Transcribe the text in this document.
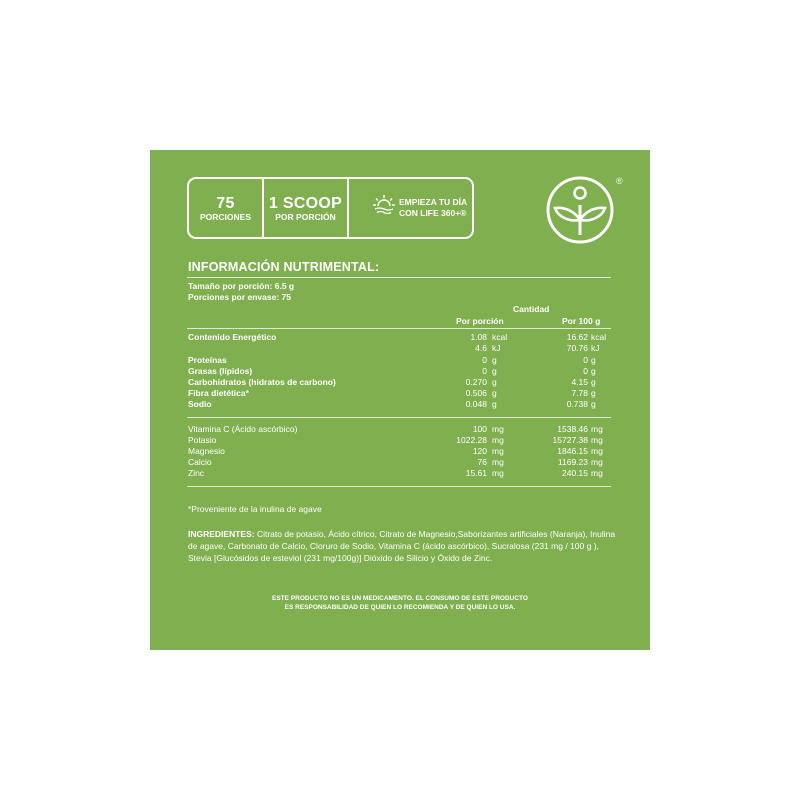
75
PORCIONES
1 SCOOP
POR PORCIÓN
EMPIEZA TU DÍA
CON LIFE 360+®
®
INFORMACIÓN NUTRIMENTAL:
Tamaño por porción: 6.5 g
Porciones por envase: 75
Cantidad
Por porción	Por 100 g
Contenido Energético	1.08 kcal	16.62 kcal
4.6 kJ	70.76 kJ
Proteínas	0 g	0 g
Grasas (lípidos)	0 g	0 g
Carbohidratos (hidratos de carbono)	0.270 g	4.15 g
Fibra dietética*	0.506 g	7.78 g
Sodio	0.048 g	0.738 g
Vitamina C (Ácido ascórbico)	100 mg	1538.46 mg
Potasio	1022.28 mg	15727.38 mg
Magnesio	120 mg	1846.15 mg
Calcio	76 mg	1169.23 mg
Zinc	15.61 mg	240.15 mg
*Proveniente de la inulina de agave
INGREDIENTES: Citrato de potasio, Ácido cítrico, Citrato de Magnesio,Saborizantes artificiales (Naranja), Inulina de agave, Carbonato de Calcio, Cloruro de Sodio, Vitamina C (ácido ascórbico), Sucralosa (231 mg / 100 g ), Stevia [Glucósidos de esteviol (231 mg/100g)] Dióxido de Silicio y Óxido de Zinc.
ESTE PRODUCTO NO ES UN MEDICAMENTO. EL CONSUMO DE ESTE PRODUCTO
ES RESPONSABILIDAD DE QUIEN LO RECOMIENDA Y DE QUIEN LO USA.
